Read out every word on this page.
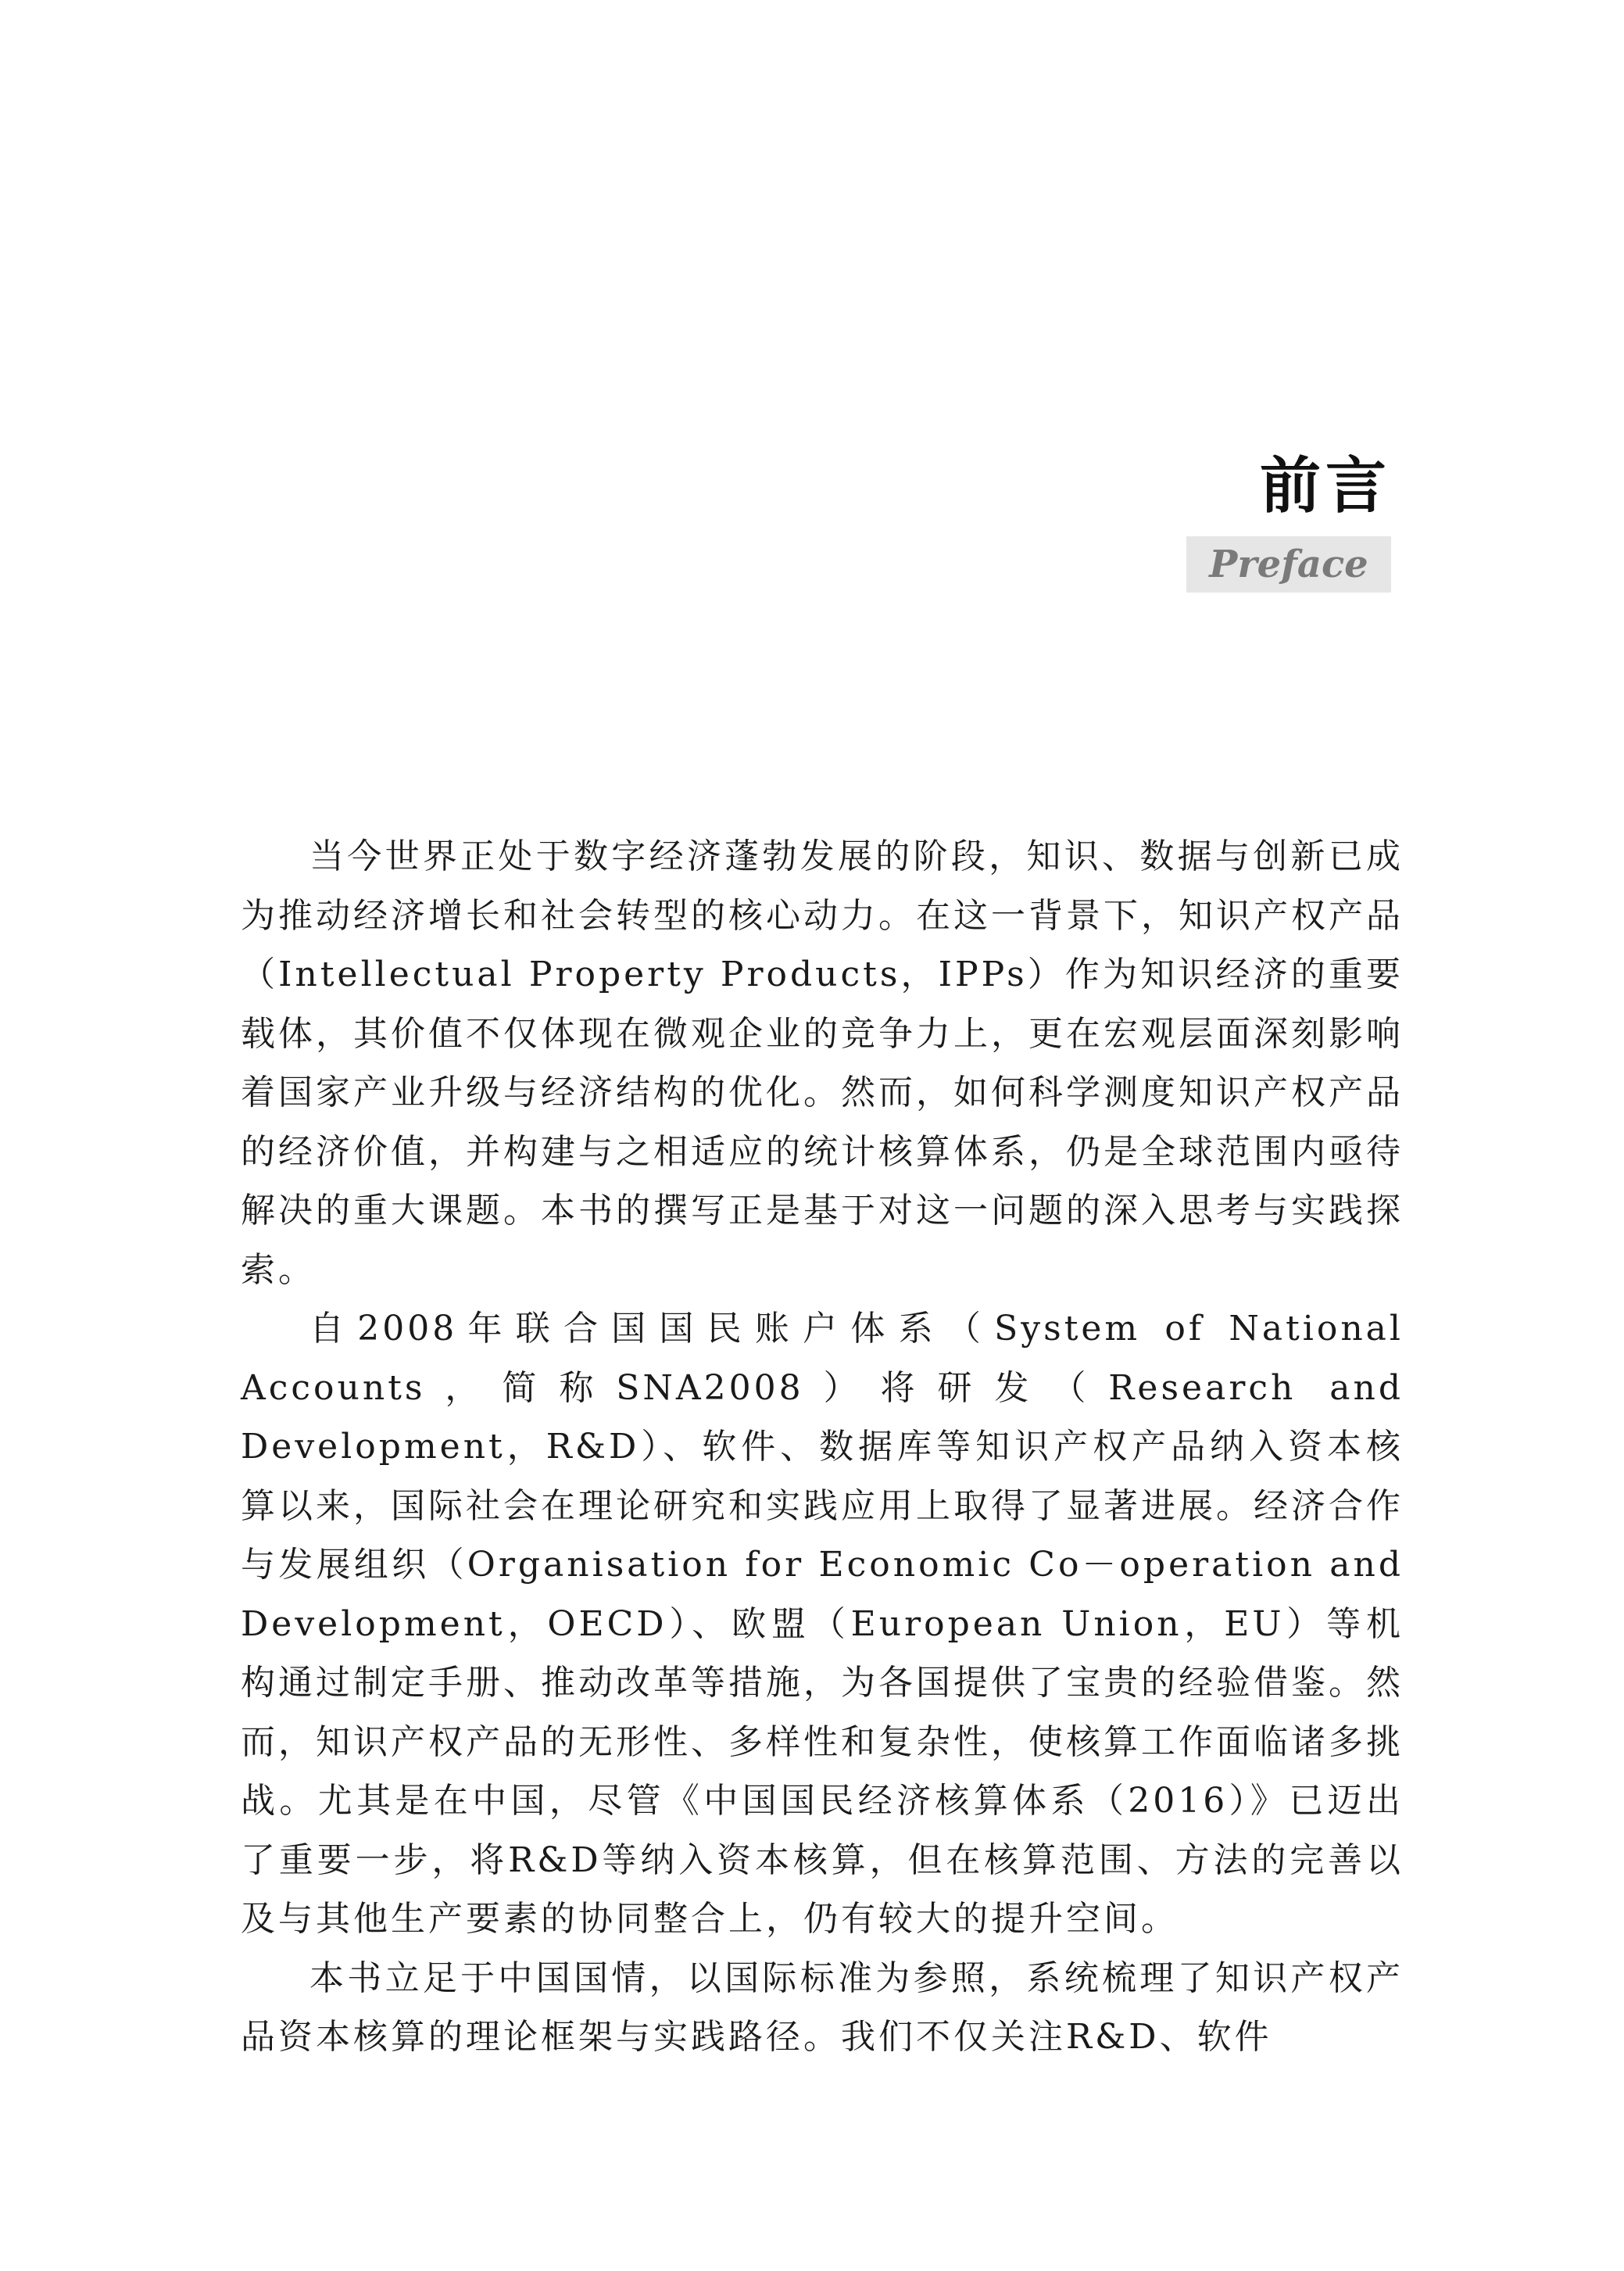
前言
Preface

当今世界正处于数字经济蓬勃发展的阶段，知识、数据与创新已成为推动经济增长和社会转型的核心动力。在这一背景下，知识产权产品（Intellectual Property Products，IPPs）作为知识经济的重要载体，其价值不仅体现在微观企业的竞争力上，更在宏观层面深刻影响着国家产业升级与经济结构的优化。然而，如何科学测度知识产权产品的经济价值，并构建与之相适应的统计核算体系，仍是全球范围内亟待解决的重大课题。本书的撰写正是基于对这一问题的深入思考与实践探索。

自2008年联合国国民账户体系（System of National Accounts，简称SNA2008）将研发（Research and Development，R&D）、软件、数据库等知识产权产品纳入资本核算以来，国际社会在理论研究和实践应用上取得了显著进展。经济合作与发展组织（Organisation for Economic Co－operation and Development，OECD）、欧盟（European Union，EU）等机构通过制定手册、推动改革等措施，为各国提供了宝贵的经验借鉴。然而，知识产权产品的无形性、多样性和复杂性，使核算工作面临诸多挑战。尤其是在中国，尽管《中国国民经济核算体系（2016）》已迈出了重要一步，将R&D等纳入资本核算，但在核算范围、方法的完善以及与其他生产要素的协同整合上，仍有较大的提升空间。

本书立足于中国国情，以国际标准为参照，系统梳理了知识产权产品资本核算的理论框架与实践路径。我们不仅关注R&D、软件
